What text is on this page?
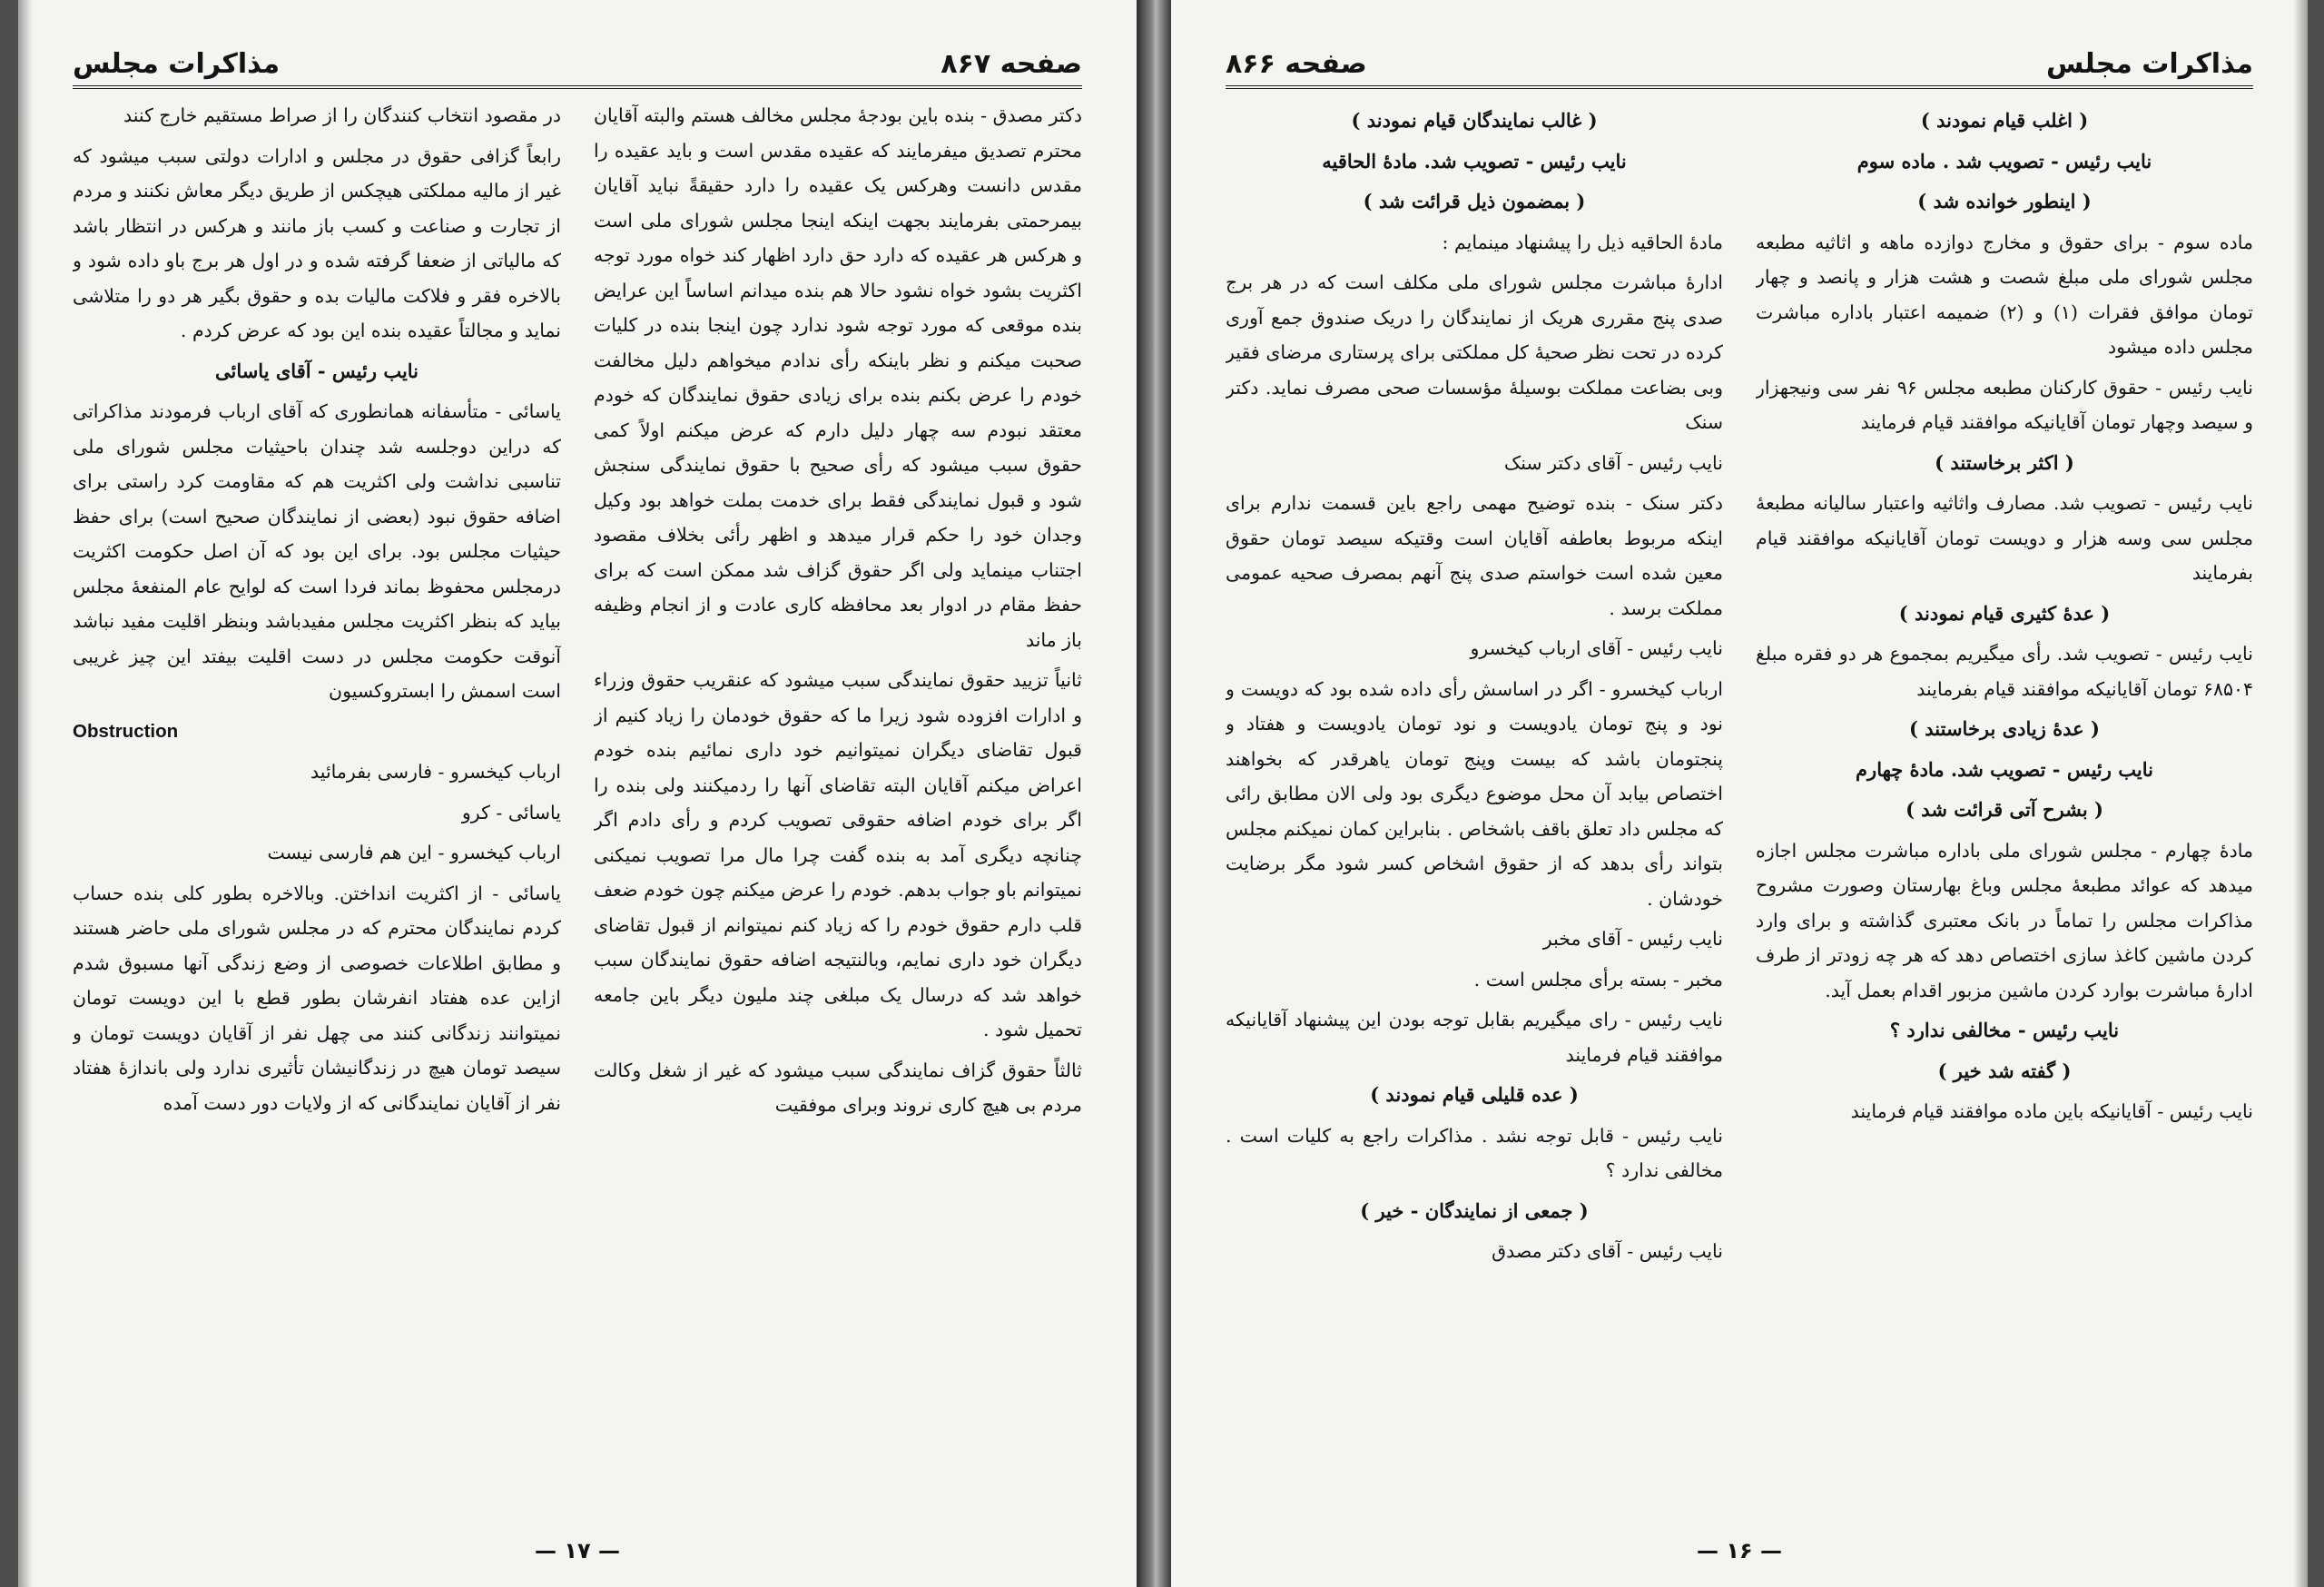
صفحه ۸۶۷
مذاکرات مجلس

دکتر مصدق - بنده باین بودجهٔ مجلس مخالف هستم والبته آقایان محترم تصدیق میفرمایند که عقیده مقدس است و باید عقیده را مقدس دانست وهرکس یک عقیده را دارد حقیقةً نباید آقایان بیمرحمتی بفرمایند بجهت اینکه اینجا مجلس شورای ملی است و هرکس هر عقیده که دارد حق دارد اظهار کند خواه مورد توجه اکثریت بشود خواه نشود حالا هم بنده میدانم اساساً این عرایض بنده موقعی که مورد توجه شود ندارد چون اینجا بنده در کلیات صحبت میکنم و نظر باینکه رأی ندادم میخواهم دلیل مخالفت خودم را عرض بکنم بنده برای زیادی حقوق نمایندگان که خودم معتقد نبودم سه چهار دلیل دارم که عرض میکنم اولاً کمی حقوق سبب میشود که رأی صحیح با حقوق نمایندگی سنجش شود و قبول نمایندگی فقط برای خدمت بملت خواهد بود وکیل وجدان خود را حکم قرار میدهد و اظهر رأئی بخلاف مقصود اجتناب مینماید ولی اگر حقوق گزاف شد ممکن است که برای حفظ مقام در ادوار بعد محافظه کاری عادت و از انجام وظیفه باز ماند

ثانیاً تزیید حقوق نمایندگی سبب میشود که عنقریب حقوق وزراء و ادارات افزوده شود زیرا ما که حقوق خودمان را زیاد کنیم از قبول تقاضای دیگران نمیتوانیم خود داری نمائیم بنده خودم اعراض میکنم آقایان البته تقاضای آنها را ردمیکنند ولی بنده را اگر برای خودم اضافه حقوقی تصویب کردم و رأی دادم اگر چنانچه دیگری آمد به بنده گفت چرا مال مرا تصویب نمیکنی نمیتوانم باو جواب بدهم. خودم را عرض میکنم چون خودم ضعف قلب دارم حقوق خودم را که زیاد کنم نمیتوانم از قبول تقاضای دیگران خود داری نمایم، وبالنتیجه اضافه حقوق نمایندگان سبب خواهد شد که درسال یک مبلغی چند ملیون دیگر باین جامعه تحمیل شود .

ثالثاً حقوق گزاف نمایندگی سبب میشود که غیر از شغل وکالت مردم بی هیچ کاری نروند وبرای موفقیت

در مقصود انتخاب کنندگان را از صراط مستقیم خارج کنند

رابعاً گزافی حقوق در مجلس و ادارات دولتی سبب میشود که غیر از مالیه مملکتی هیچکس از طریق دیگر معاش نکنند و مردم از تجارت و صناعت و کسب باز مانند و هرکس در انتظار باشد که مالیاتی از ضعفا گرفته شده و در اول هر برج باو داده شود و بالاخره فقر و فلاکت مالیات بده و حقوق بگیر هر دو را متلاشی نماید و مجالتاً عقیده بنده این بود که عرض کردم .

نایب رئیس - آقای یاسائی

یاسائی - متأسفانه همانطوری که آقای ارباب فرمودند مذاکراتی که دراین دوجلسه شد چندان باحیثیات مجلس شورای ملی تناسبی نداشت ولی اکثریت هم که مقاومت کرد راستی برای اضافه حقوق نبود (بعضی از نمایندگان صحیح است) برای حفظ حیثیات مجلس بود. برای این بود که آن اصل حکومت اکثریت درمجلس محفوظ بماند فردا است که لوایح عام المنفعهٔ مجلس بیاید که بنظر اکثریت مجلس مفیدباشد وبنظر اقلیت مفید نباشد آنوقت حکومت مجلس در دست اقلیت بیفتد این چیز غریبی است اسمش را ابستروکسیون

Obstruction

ارباب کیخسرو - فارسی بفرمائید

یاسائی - کرو

ارباب کیخسرو - این هم فارسی نیست

یاسائی - از اکثریت انداختن. وبالاخره بطور کلی بنده حساب کردم نمایندگان محترم که در مجلس شورای ملی حاضر هستند و مطابق اطلاعات خصوصی از وضع زندگی آنها مسبوق شدم ازاین عده هفتاد انفرشان بطور قطع با این دویست تومان نمیتوانند زندگانی کنند می چهل نفر از آقایان دویست تومان و سیصد تومان هیچ در زندگانیشان تأثیری ندارد ولی باندازهٔ هفتاد نفر از آقایان نمایندگانی که از ولایات دور دست آمده

— ۱۷ —
مذاکرات مجلس
صفحه ۸۶۶

( اغلب قیام نمودند )

نایب رئیس - تصویب شد . ماده سوم

( اینطور خوانده شد )

ماده سوم - برای حقوق و مخارج دوازده ماهه و اثاثیه مطبعه مجلس شورای ملی مبلغ شصت و هشت هزار و پانصد و چهار تومان موافق فقرات (۱) و (۲) ضمیمه اعتبار باداره مباشرت مجلس داده میشود

نایب رئیس - حقوق کارکنان مطبعه مجلس ۹۶ نفر سی ونیجهزار و سیصد وچهار تومان آقایانیکه موافقند قیام فرمایند

( اکثر برخاستند )

نایب رئیس - تصویب شد. مصارف واثاثیه واعتبار سالیانه مطبعهٔ مجلس سی وسه هزار و دویست تومان آقایانیکه موافقند قیام بفرمایند

( عدهٔ کثیری قیام نمودند )

نایب رئیس - تصویب شد. رأی میگیریم بمجموع هر دو فقره مبلغ ۶۸۵۰۴ تومان آقایانیکه موافقند قیام بفرمایند

( عدهٔ زیادی برخاستند )

نایب رئیس - تصویب شد. مادهٔ چهارم

( بشرح آتی قرائت شد )

مادهٔ چهارم - مجلس شورای ملی باداره مباشرت مجلس اجازه میدهد که عوائد مطبعهٔ مجلس وباغ بهارستان وصورت مشروح مذاکرات مجلس را تماماً در بانک معتبری گذاشته و برای وارد کردن ماشین کاغذ سازی اختصاص دهد که هر چه زودتر از طرف ادارهٔ مباشرت بوارد کردن ماشین مزبور اقدام بعمل آید.

نایب رئیس - مخالفی ندارد ؟

( گفته شد خیر )

نایب رئیس - آقایانیکه باین ماده موافقند قیام فرمایند

( غالب نمایندگان قیام نمودند )

نایب رئیس - تصویب شد. مادهٔ الحاقیه

( بمضمون ذیل قرائت شد )

مادهٔ الحاقیه ذیل را پیشنهاد مینمایم :

ادارهٔ مباشرت مجلس شورای ملی مکلف است که در هر برج صدی پنج مقرری هریک از نمایندگان را دریک صندوق جمع آوری کرده در تحت نظر صحیهٔ کل مملکتی برای پرستاری مرضای فقیر وبی بضاعت مملکت بوسیلهٔ مؤسسات صحی مصرف نماید. دکتر سنک

نایب رئیس - آقای دکتر سنک

دکتر سنک - بنده توضیح مهمی راجع باین قسمت ندارم برای اینکه مربوط بعاطفه آقایان است وقتیکه سیصد تومان حقوق معین شده است خواستم صدی پنج آنهم بمصرف صحیه عمومی مملکت برسد .

نایب رئیس - آقای ارباب کیخسرو

ارباب کیخسرو - اگر در اساسش رأی داده شده بود که دویست و نود و پنج تومان یادویست و نود تومان یادویست و هفتاد و پنجتومان باشد که بیست وپنج تومان یاهرقدر که بخواهند اختصاص بیابد آن محل موضوع دیگری بود ولی الان مطابق رائی که مجلس داد تعلق باقف باشخاص . بنابراین کمان نمیکنم مجلس بتواند رأی بدهد که از حقوق اشخاص کسر شود مگر برضایت خودشان .

نایب رئیس - آقای مخبر

مخبر - بسته برأی مجلس است .

نایب رئیس - رای میگیریم بقابل توجه بودن این پیشنهاد آقایانیکه موافقند قیام فرمایند

( عده قلیلی قیام نمودند )

نایب رئیس - قابل توجه نشد . مذاکرات راجع به کلیات است . مخالفی ندارد ؟

( جمعی از نمایندگان - خیر )

نایب رئیس - آقای دکتر مصدق

— ۱۶ —
